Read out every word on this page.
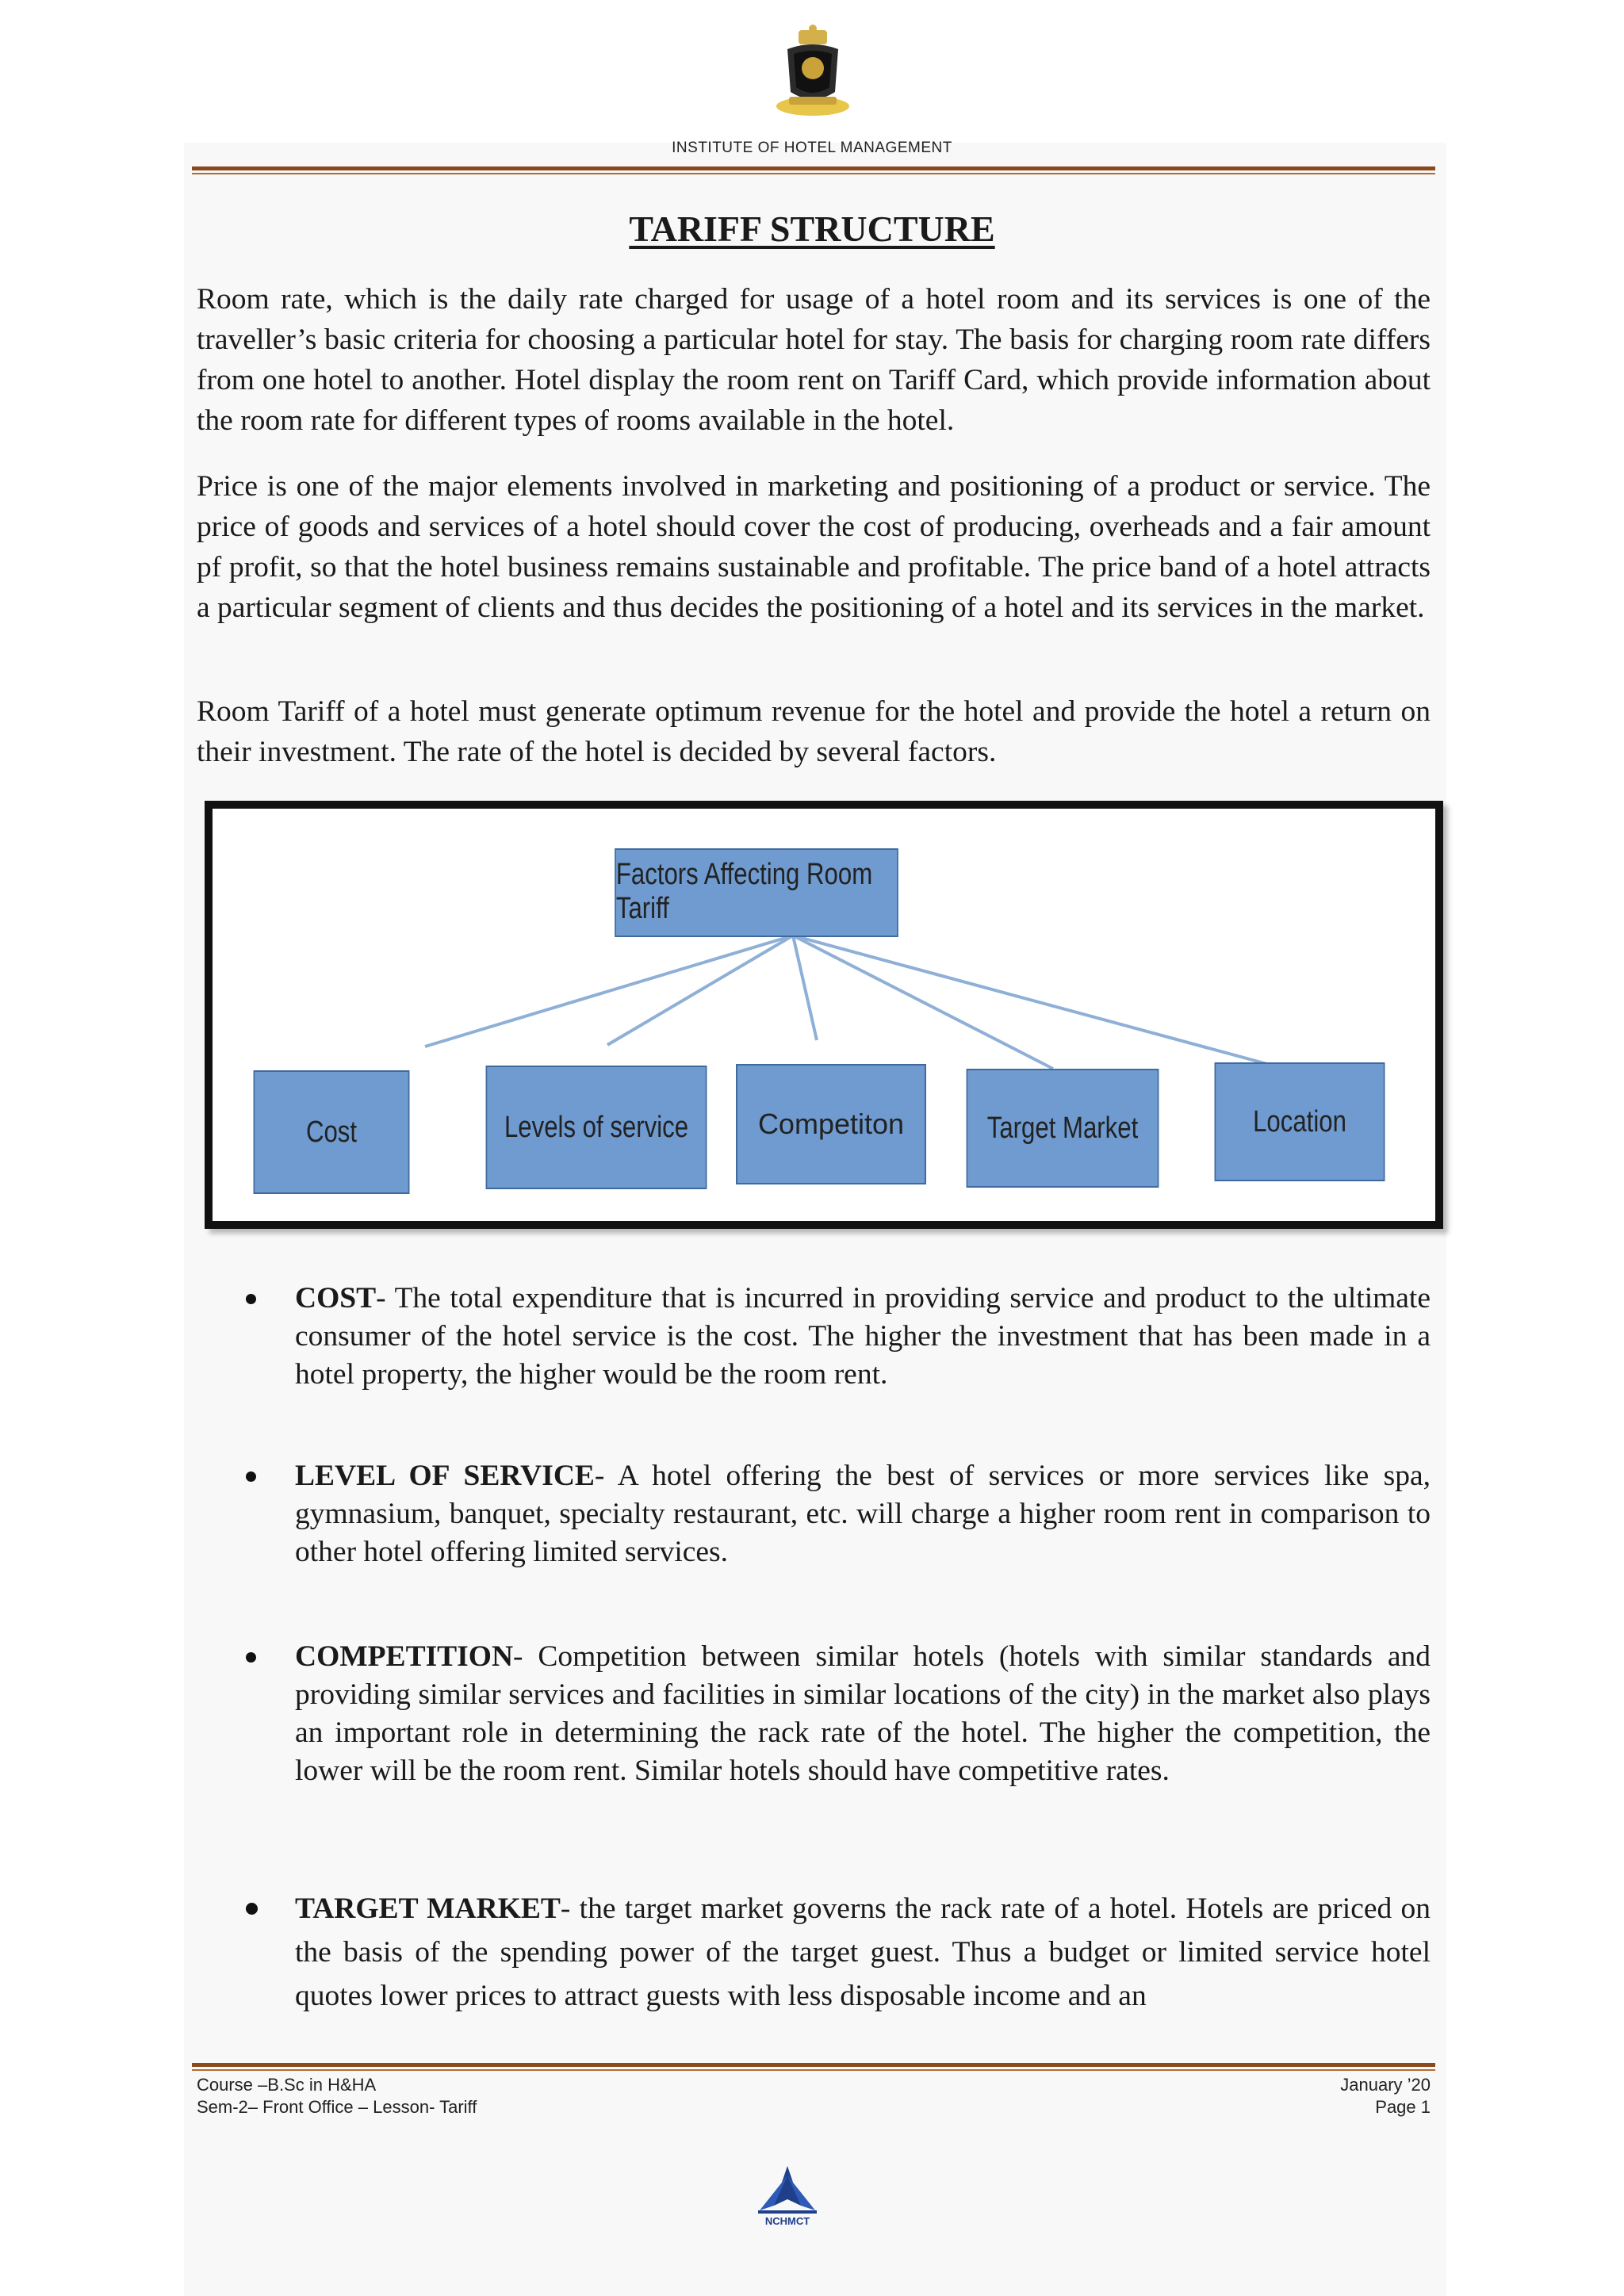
INSTITUTE OF HOTEL MANAGEMENT
TARIFF STRUCTURE

Room rate, which is the daily rate charged for usage of a hotel room and its services is one of the traveller’s basic criteria for choosing a particular hotel for stay. The basis for charging room rate differs from one hotel to another. Hotel display the room rent on Tariff Card, which provide information about the room rate for different types of rooms available in the hotel.

Price is one of the major elements involved in marketing and positioning of a product or service. The price of goods and services of a hotel should cover the cost of producing, overheads and a fair amount pf profit, so that the hotel business remains sustainable and profitable. The price band of a hotel attracts a particular segment of clients and thus decides the positioning of a hotel and its services in the market.

Room Tariff of a hotel must generate optimum revenue for the hotel and provide the hotel a return on their investment. The rate of the hotel is decided by several factors.

Factors Affecting Room Tariff
Cost	Levels of service	Competiton	Target Market	Location
COST- The total expenditure that is incurred in providing service and product to the ultimate consumer of the hotel service is the cost. The higher the investment that has been made in a hotel property, the higher would be the room rent.
LEVEL OF SERVICE- A hotel offering the best of services or more services like spa, gymnasium, banquet, specialty restaurant, etc. will charge a higher room rent in comparison to other hotel offering limited services.
COMPETITION- Competition between similar hotels (hotels with similar standards and providing similar services and facilities in similar locations of the city) in the market also plays an important role in determining the rack rate of the hotel. The higher the competition, the lower will be the room rent. Similar hotels should have competitive rates.
TARGET MARKET- the target market governs the rack rate of a hotel. Hotels are priced on the basis of the spending power of the target guest. Thus a budget or limited service hotel quotes lower prices to attract guests with less disposable income and an
Course –B.Sc in H&HA
Sem-2– Front Office – Lesson- Tariff
January ’20
Page 1
NCHMCT
